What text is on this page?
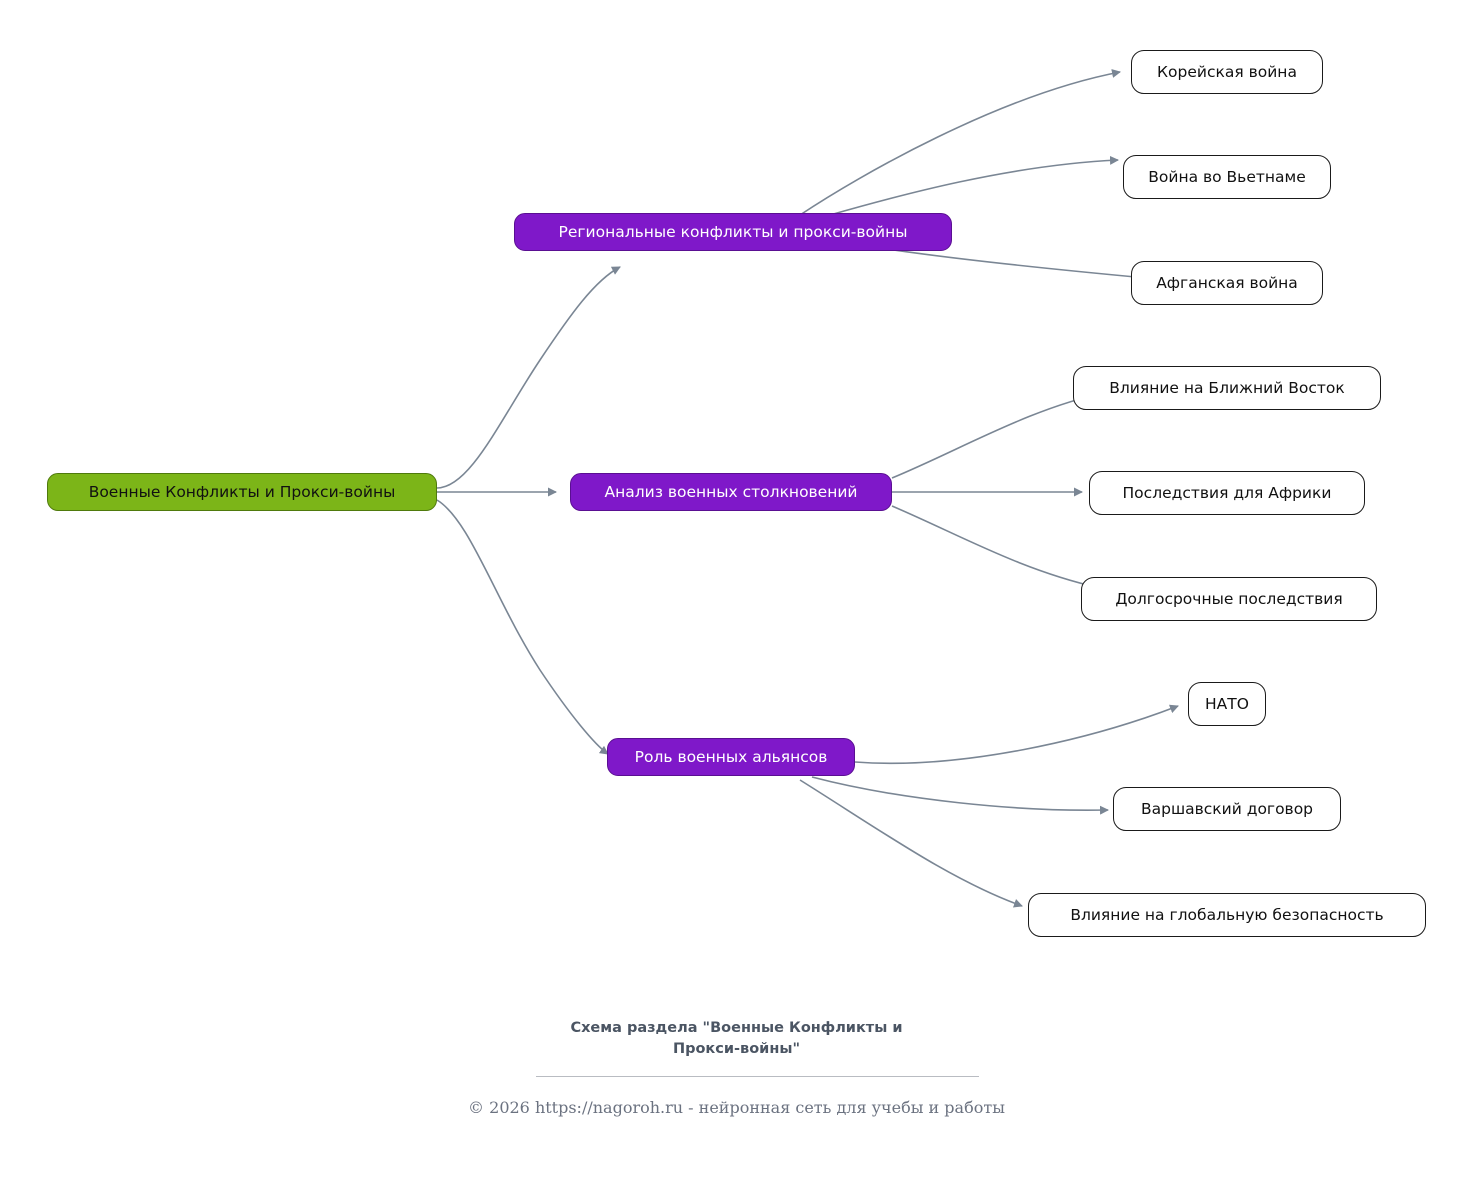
Военные Конфликты и Прокси-войны
Региональные конфликты и прокси-войны
Корейская война
Война во Вьетнаме
Афганская война
Анализ военных столкновений
Влияние на Ближний Восток
Последствия для Африки
Долгосрочные последствия
Роль военных альянсов
НАТО
Варшавский договор
Влияние на глобальную безопасность
Схема раздела "Военные Конфликты и
Прокси-войны"
© 2026 https://nagoroh.ru - нейронная сеть для учебы и работы
